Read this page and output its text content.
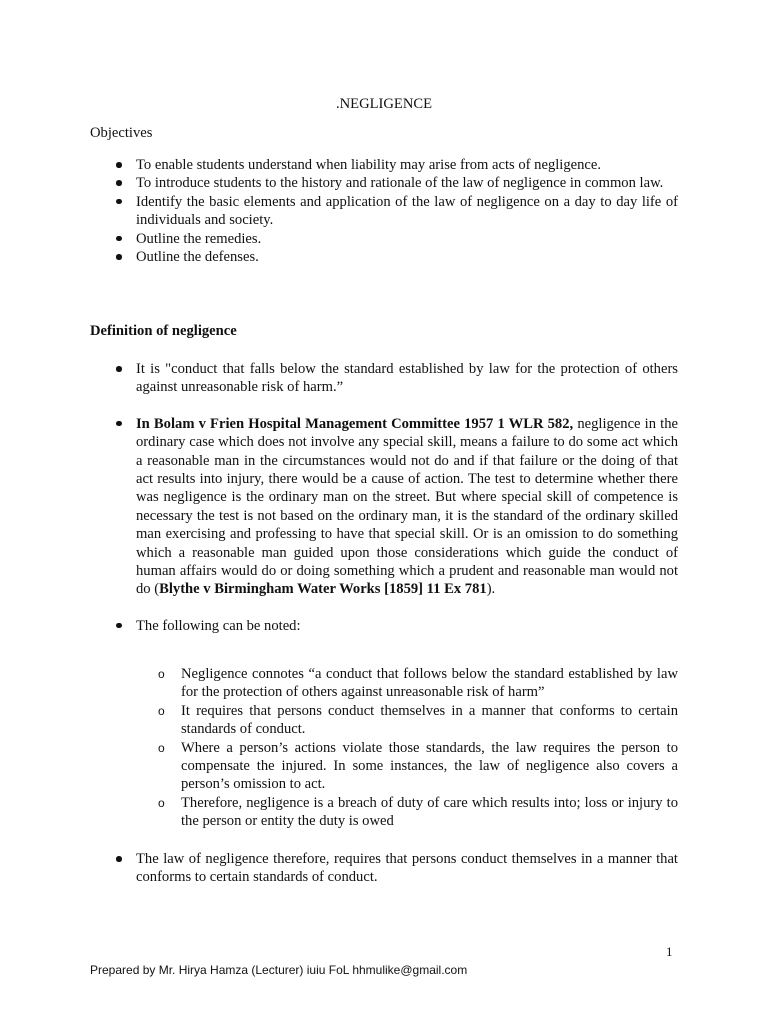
.NEGLIGENCE
Objectives
To enable students understand when liability may arise from acts of negligence.
To introduce students to the history and rationale of the law of negligence in common law.
Identify the basic elements and application of the law of negligence on a day to day life of individuals and society.
Outline the remedies.
Outline the defenses.
Definition of negligence
It is "conduct that falls below the standard established by law for the protection of others against unreasonable risk of harm.”
In Bolam v Frien Hospital Management Committee 1957 1 WLR 582, negligence in the ordinary case which does not involve any special skill, means a failure to do some act which a reasonable man in the circumstances would not do and if that failure or the doing of that act results into injury, there would be a cause of action. The test to determine whether there was negligence is the ordinary man on the street. But where special skill of competence is necessary the test is not based on the ordinary man, it is the standard of the ordinary skilled man exercising and professing to have that special skill. Or is an omission to do something which a reasonable man guided upon those considerations which guide the conduct of human affairs would do or doing something which a prudent and reasonable man would not do (Blythe v Birmingham Water Works [1859] 11 Ex 781).
The following can be noted:
o Negligence connotes “a conduct that follows below the standard established by law for the protection of others against unreasonable risk of harm”
o It requires that persons conduct themselves in a manner that conforms to certain standards of conduct.
o Where a person’s actions violate those standards, the law requires the person to compensate the injured. In some instances, the law of negligence also covers a person’s omission to act.
o Therefore, negligence is a breach of duty of care which results into; loss or injury to the person or entity the duty is owed
The law of negligence therefore, requires that persons conduct themselves in a manner that conforms to certain standards of conduct.
1
Prepared by Mr. Hirya Hamza (Lecturer) iuiu FoL hhmulike@gmail.com
